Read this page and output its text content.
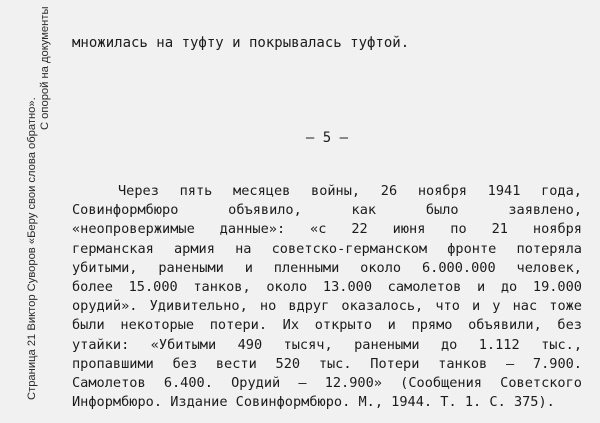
Страница 21 Виктор Суворов «Беру свои слова обратно».
С опорой на документы множилась на туфту и покрывалась туфтой.
– 5 –
Через пять месяцев войны, 26 ноября 1941 года,
Совинформбюро объявило, как было заявлено,
«неопровержимые данные»: «с 22 июня по 21 ноября
германская армия на советско-германском фронте потеряла
убитыми, ранеными и пленными около 6.000.000 человек,
более 15.000 танков, около 13.000 самолетов и до 19.000
орудий». Удивительно, но вдруг оказалось, что и у нас тоже
были некоторые потери. Их открыто и прямо объявили, без
утайки: «Убитыми 490 тысяч, ранеными до 1.112 тыс.,
пропавшими без вести 520 тыс. Потери танков – 7.900.
Самолетов 6.400. Орудий – 12.900» (Сообщения Советского
Информбюро. Издание Совинформбюро. М., 1944. Т. 1. С. 375).
